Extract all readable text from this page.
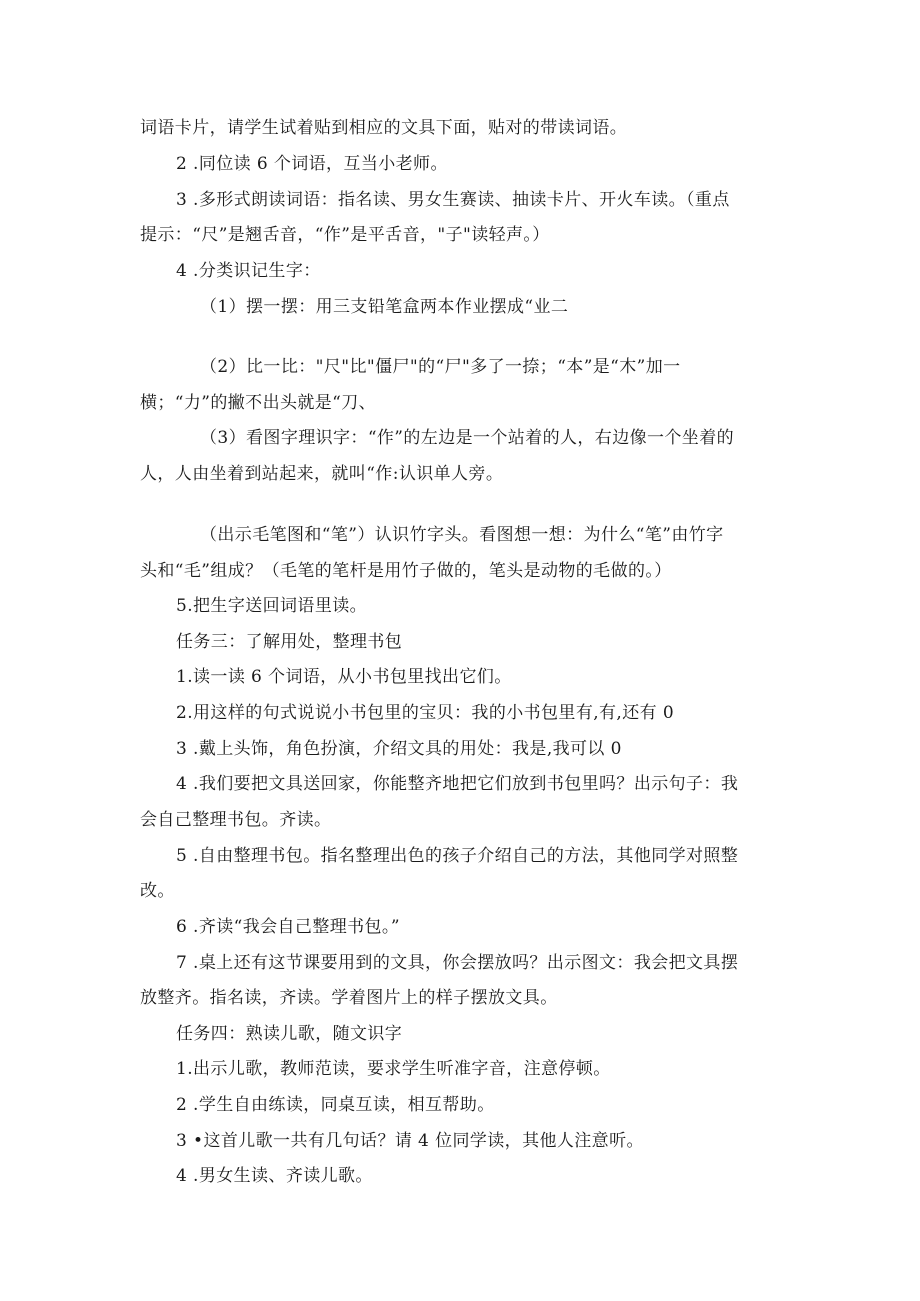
词语卡片，请学生试着贴到相应的文具下面，贴对的带读词语。
2 .同位读 6 个词语，互当小老师。
3 .多形式朗读词语：指名读、男女生赛读、抽读卡片、开火车读。（重点
提示：“尺”是翘舌音，“作”是平舌音，"子"读轻声。）
4 .分类识记生字：
（1）摆一摆：用三支铅笔盒两本作业摆成“业二
（2）比一比："尺"比"僵尸"的“尸"多了一捺；“本”是“木”加一
横；“力”的撇不出头就是“刀、
（3）看图字理识字：“作”的左边是一个站着的人，右边像一个坐着的
人，人由坐着到站起来，就叫“作:认识单人旁。
（出示毛笔图和“笔”）认识竹字头。看图想一想：为什么“笔”由竹字
头和“毛”组成？（毛笔的笔杆是用竹子做的，笔头是动物的毛做的。）
5.把生字送回词语里读。
任务三：了解用处，整理书包
1.读一读 6 个词语，从小书包里找出它们。
2.用这样的句式说说小书包里的宝贝：我的小书包里有,有,还有 0
3 .戴上头饰，角色扮演，介绍文具的用处：我是,我可以 0
4 .我们要把文具送回家，你能整齐地把它们放到书包里吗？出示句子：我
会自己整理书包。齐读。
5 .自由整理书包。指名整理出色的孩子介绍自己的方法，其他同学对照整
改。
6 .齐读“我会自己整理书包。”
7 .桌上还有这节课要用到的文具，你会摆放吗？出示图文：我会把文具摆
放整齐。指名读，齐读。学着图片上的样子摆放文具。
任务四：熟读儿歌，随文识字
1.出示儿歌，教师范读，要求学生听准字音，注意停顿。
2 .学生自由练读，同桌互读，相互帮助。
3 •这首儿歌一共有几句话？请 4 位同学读，其他人注意听。
4 .男女生读、齐读儿歌。
